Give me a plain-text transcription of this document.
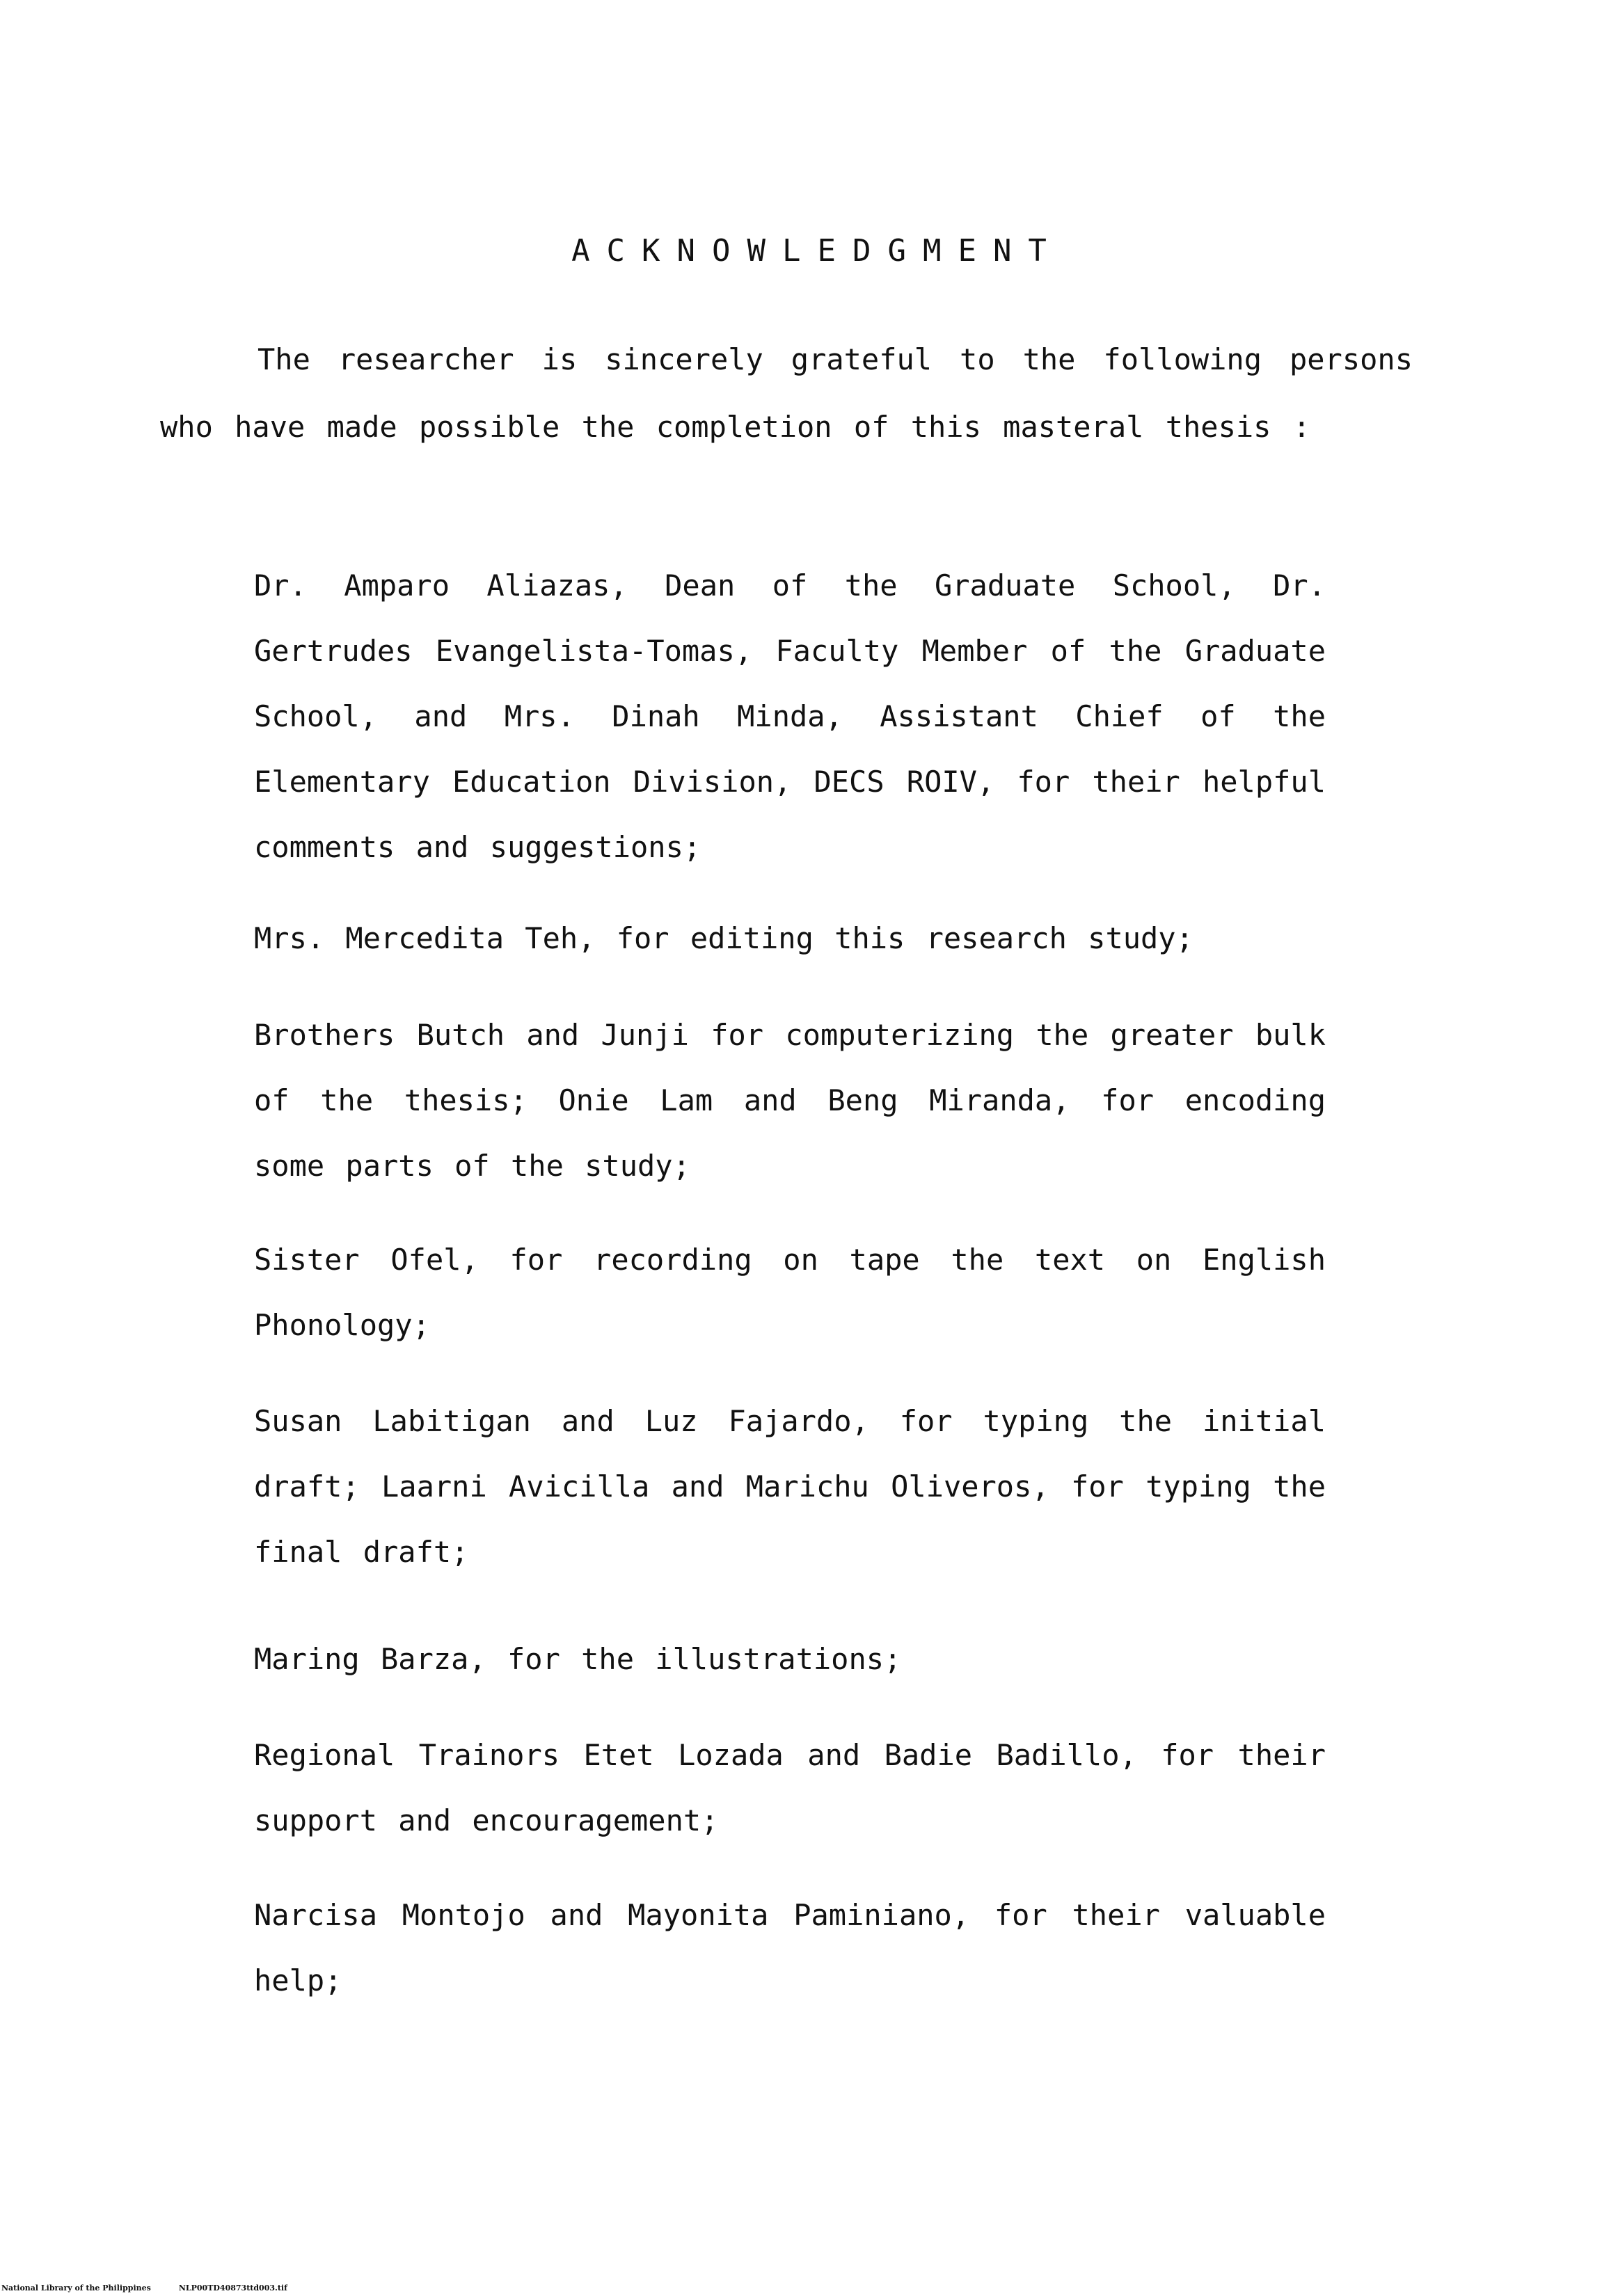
ACKNOWLEDGMENT
The researcher is sincerely grateful to the following persons who have made possible the completion of this masteral thesis :
Dr. Amparo Aliazas, Dean of the Graduate School, Dr. Gertrudes Evangelista-Tomas, Faculty Member of the Graduate School, and Mrs. Dinah Minda, Assistant Chief of the Elementary Education Division, DECS ROIV, for their helpful comments and suggestions;
Mrs. Mercedita Teh, for editing this research study;
Brothers Butch and Junji for computerizing the greater bulk of the thesis; Onie Lam and Beng Miranda, for encoding some parts of the study;
Sister Ofel, for recording on tape the text on English Phonology;
Susan Labitigan and Luz Fajardo, for typing the initial draft; Laarni Avicilla and Marichu Oliveros, for typing the final draft;
Maring Barza, for the illustrations;
Regional Trainors Etet Lozada and Badie Badillo, for their support and encouragement;
Narcisa Montojo and Mayonita Paminiano, for their valuable help;
National Library of the Philippines	NLP00TD40873ttd003.tif
